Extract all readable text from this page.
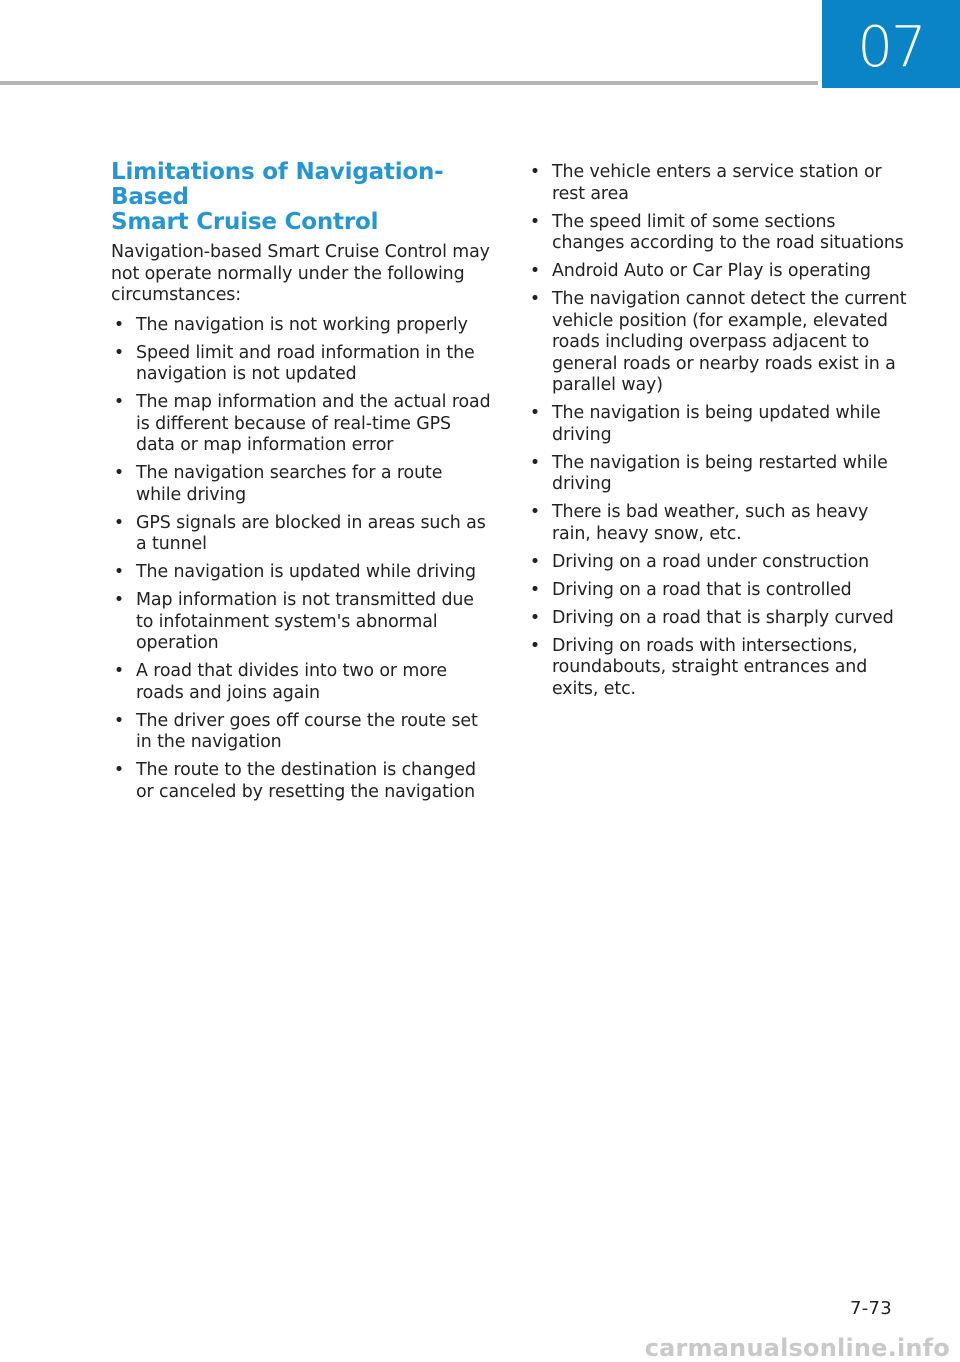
07
Limitations of Navigation-Based
Smart Cruise Control

Navigation-based Smart Cruise Control may not operate normally under the following circumstances:

• The navigation is not working properly
• Speed limit and road information in the navigation is not updated
• The map information and the actual road is different because of real-time GPS data or map information error
• The navigation searches for a route while driving
• GPS signals are blocked in areas such as a tunnel
• The navigation is updated while driving
• Map information is not transmitted due to infotainment system's abnormal operation
• A road that divides into two or more roads and joins again
• The driver goes off course the route set in the navigation
• The route to the destination is changed or canceled by resetting the navigation
• The vehicle enters a service station or rest area
• The speed limit of some sections changes according to the road situations
• Android Auto or Car Play is operating
• The navigation cannot detect the current vehicle position (for example, elevated roads including overpass adjacent to general roads or nearby roads exist in a parallel way)
• The navigation is being updated while driving
• The navigation is being restarted while driving
• There is bad weather, such as heavy rain, heavy snow, etc.
• Driving on a road under construction
• Driving on a road that is controlled
• Driving on a road that is sharply curved
• Driving on roads with intersections, roundabouts, straight entrances and exits, etc.
7-73
carmanualsonline.info
